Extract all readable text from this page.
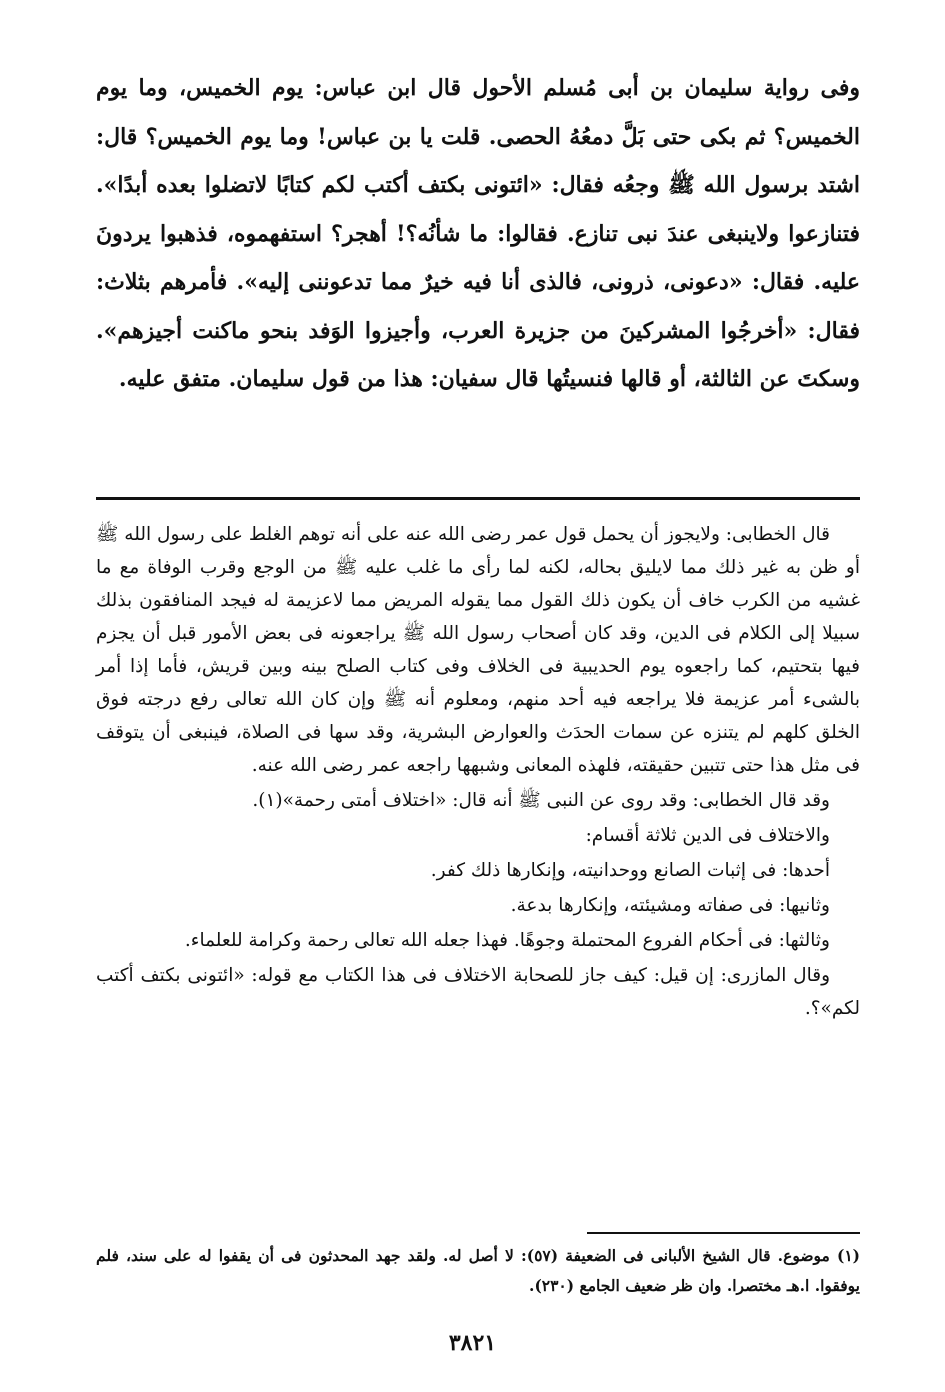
وفى رواية سليمان بن أبى مُسلم الأحول قال ابن عباس: يوم الخميس، وما يوم الخميس؟ ثم بكى حتى بَلَّ دمعُهُ الحصى. قلت يا بن عباس! وما يوم الخميس؟ قال: اشتد برسول الله ﷺ وجعُه فقال: «ائتونى بكتف أكتب لكم كتابًا لاتضلوا بعده أبدًا». فتنازعوا ولاينبغى عندَ نبى تنازع. فقالوا: ما شأنُه؟! أهجر؟ استفهموه، فذهبوا يردونَ عليه. فقال: «دعونى، ذرونى، فالذى أنا فيه خيرٌ مما تدعوننى إليه». فأمرهم بثلاث: فقال: «أخرجُوا المشركينَ من جزيرة العرب، وأجيزوا الوَفد بنحو ماكنت أجيزهم». وسكتَ عن الثالثة، أو قالها فنسيتُها قال سفيان: هذا من قول سليمان. متفق عليه.

قال الخطابى: ولايجوز أن يحمل قول عمر رضى الله عنه على أنه توهم الغلط على رسول الله ﷺ أو ظن به غير ذلك مما لايليق بحاله، لكنه لما رأى ما غلب عليه ﷺ من الوجع وقرب الوفاة مع ما غشيه من الكرب خاف أن يكون ذلك القول مما يقوله المريض مما لاعزيمة له فيجد المنافقون بذلك سبيلا إلى الكلام فى الدين، وقد كان أصحاب رسول الله ﷺ يراجعونه فى بعض الأمور قبل أن يجزم فيها بتحتيم، كما راجعوه يوم الحديبية فى الخلاف وفى كتاب الصلح بينه وبين قريش، فأما إذا أمر بالشىء أمر عزيمة فلا يراجعه فيه أحد منهم، ومعلوم أنه ﷺ وإن كان الله تعالى رفع درجته فوق الخلق كلهم لم يتنزه عن سمات الحدَث والعوارض البشرية، وقد سها فى الصلاة، فينبغى أن يتوقف فى مثل هذا حتى تتبين حقيقته، فلهذه المعانى وشبهها راجعه عمر رضى الله عنه.

وقد قال الخطابى: وقد روى عن النبى ﷺ أنه قال: «اختلاف أمتى رحمة»(١).

والاختلاف فى الدين ثلاثة أقسام:

أحدها: فى إثبات الصانع ووحدانيته، وإنكارها ذلك كفر.

وثانيها: فى صفاته ومشيئته، وإنكارها بدعة.

وثالثها: فى أحكام الفروع المحتملة وجوهًا. فهذا جعله الله تعالى رحمة وكرامة للعلماء.

وقال المازرى: إن قيل: كيف جاز للصحابة الاختلاف فى هذا الكتاب مع قوله: «ائتونى بكتف أكتب لكم»؟.

(١) موضوع. قال الشيخ الألبانى فى الضعيفة (٥٧): لا أصل له. ولقد جهد المحدثون فى أن يقفوا له على سند، فلم يوفقوا. ا.هـ مختصرا. وان ظر ضعيف الجامع (٢٣٠).
٣٨٢١
